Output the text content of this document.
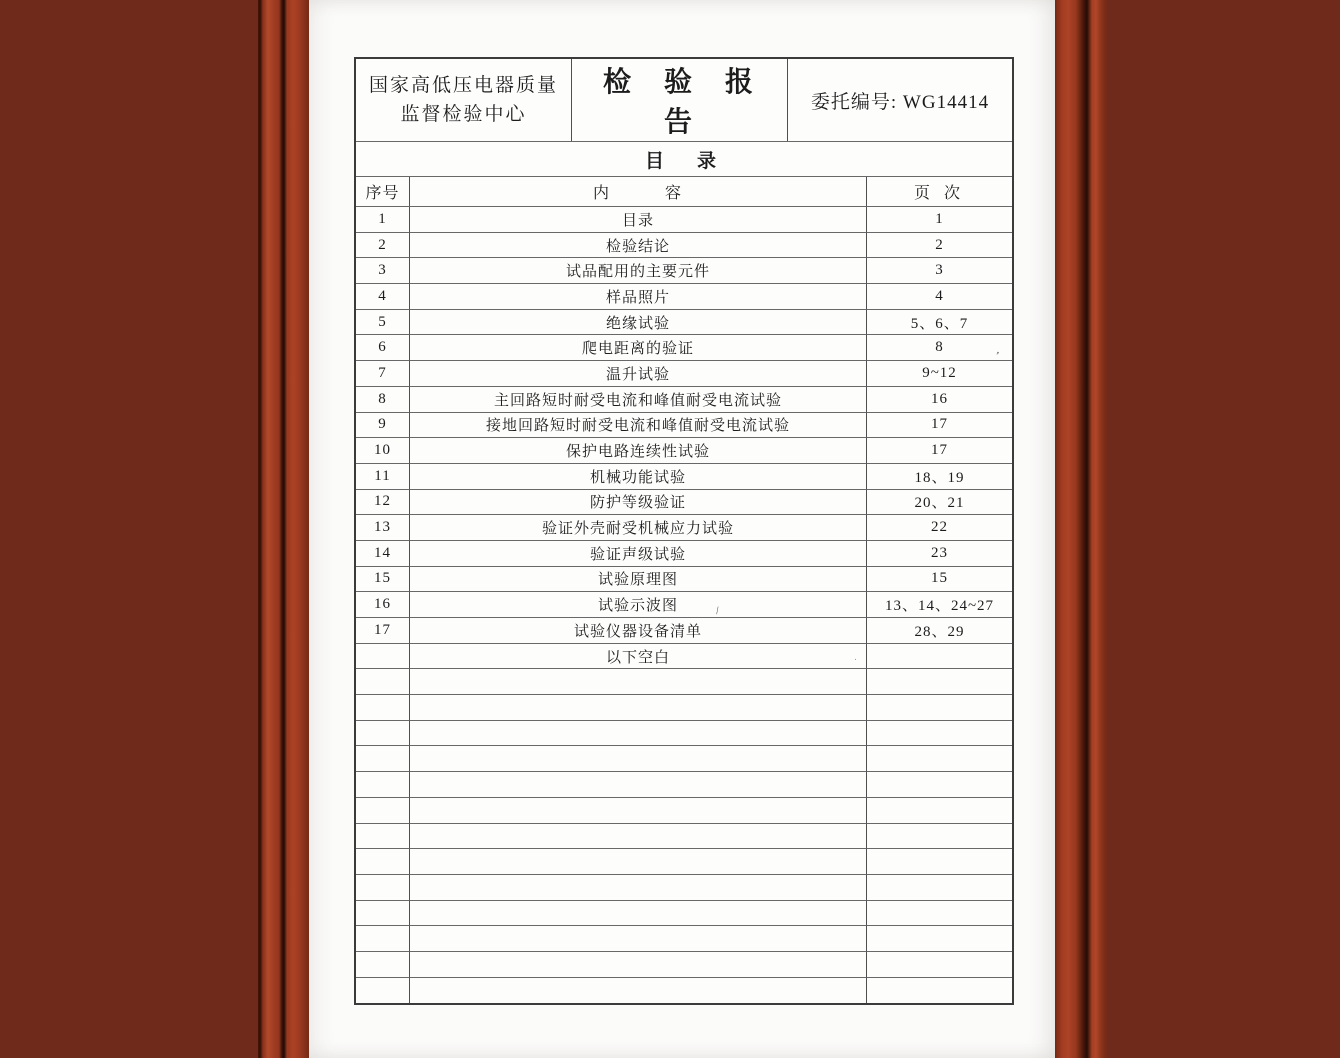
国家高低压电器质量
监督检验中心
检 验 报 告
委托编号: WG14414
目　录
序号	内　　　容	页 次
1	目录	1
2	检验结论	2
3	试品配用的主要元件	3
4	样品照片	4
5	绝缘试验	5、6、7
6	爬电距离的验证	8
7	温升试验	9~12
8	主回路短时耐受电流和峰值耐受电流试验	16
9	接地回路短时耐受电流和峰值耐受电流试验	17
10	保护电路连续性试验	17
11	机械功能试验	18、19
12	防护等级验证	20、21
13	验证外壳耐受机械应力试验	22
14	验证声级试验	23
15	试验原理图	15
16	试验示波图	13、14、24~27
17	试验仪器设备清单	28、29
以下空白
’
/
․
